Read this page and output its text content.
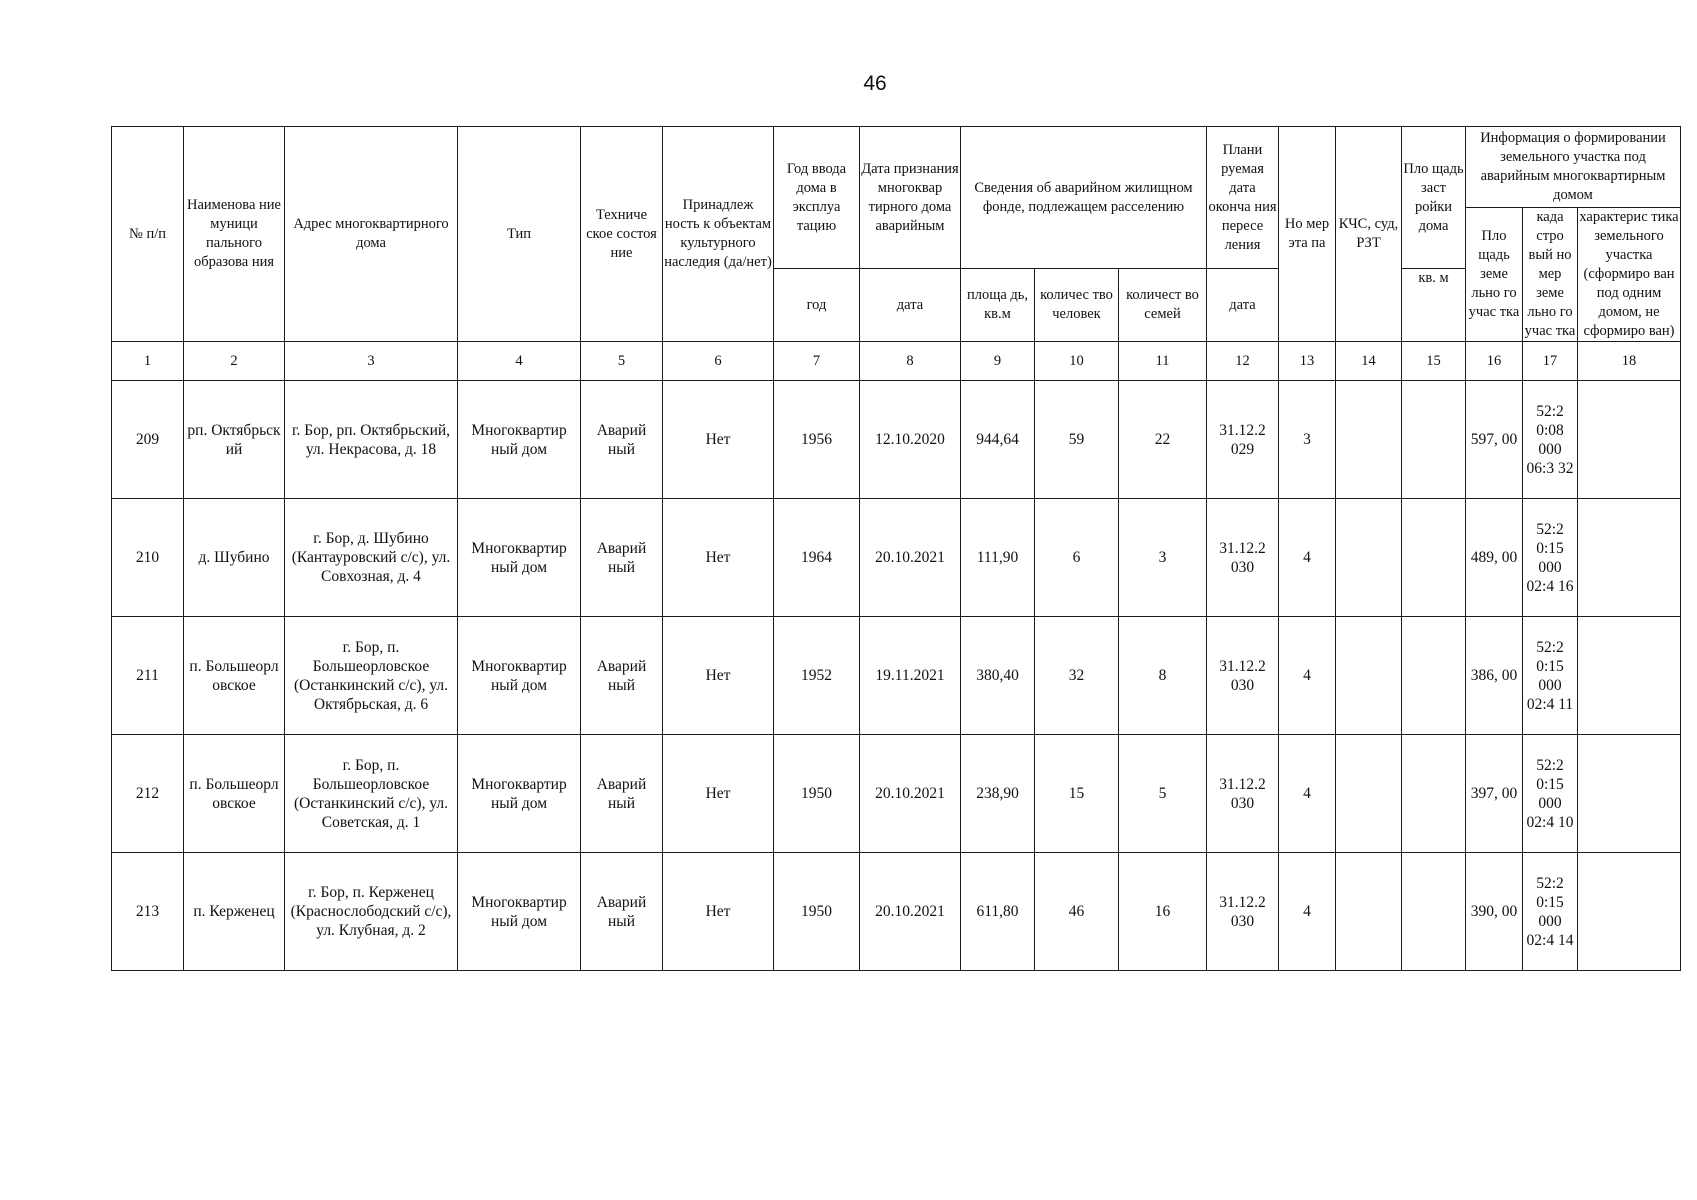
46
№ п/п	Наименова ние муници пального образова ния	Адрес многоквартирного дома	Тип	Техниче ское состоя ние	Принадлеж ность к объектам культурного наследия (да/нет)	Год ввода дома в эксплуа тацию	Дата признания многоквар тирного дома аварийным	Сведения об аварийном жилищном фонде, подлежащем расселению			Плани руемая дата оконча ния пересе ления	Но мер эта па	КЧС, суд, РЗТ	Пло щадь заст ройки дома	Информация о формировании земельного участка под аварийным многоквартирным домом		
															Пло щадь земе льно го учас тка	када стро вый но мер земе льно го учас тка	характерис тика земельного участка (сформиро ван под одним домом, не сформиро ван)
						год	дата	площа дь, кв.м	количес тво человек	количест во семей	дата			кв. м			
1	2	3	4	5	6	7	8	9	10	11	12	13	14	15	16	17	18
209	рп. Октябрьск ий	г. Бор, рп. Октябрьский, ул. Некрасова, д. 18	Многоквартир ный дом	Аварий ный	Нет	1956	12.10.2020	944,64	59	22	31.12.2 029	3			597, 00	52:2 0:08 000 06:3 32	
210	д. Шубино	г. Бор, д. Шубино (Кантауровский с/с), ул. Совхозная, д. 4	Многоквартир ный дом	Аварий ный	Нет	1964	20.10.2021	111,90	6	3	31.12.2 030	4			489, 00	52:2 0:15 000 02:4 16	
211	п. Большеорл овское	г. Бор, п. Большеорловское (Останкинский с/с), ул. Октябрьская, д. 6	Многоквартир ный дом	Аварий ный	Нет	1952	19.11.2021	380,40	32	8	31.12.2 030	4			386, 00	52:2 0:15 000 02:4 11	
212	п. Большеорл овское	г. Бор, п. Большеорловское (Останкинский с/с), ул. Советская, д. 1	Многоквартир ный дом	Аварий ный	Нет	1950	20.10.2021	238,90	15	5	31.12.2 030	4			397, 00	52:2 0:15 000 02:4 10	
213	п. Керженец	г. Бор, п. Керженец (Краснослободский с/с), ул. Клубная, д. 2	Многоквартир ный дом	Аварий ный	Нет	1950	20.10.2021	611,80	46	16	31.12.2 030	4			390, 00	52:2 0:15 000 02:4 14	
